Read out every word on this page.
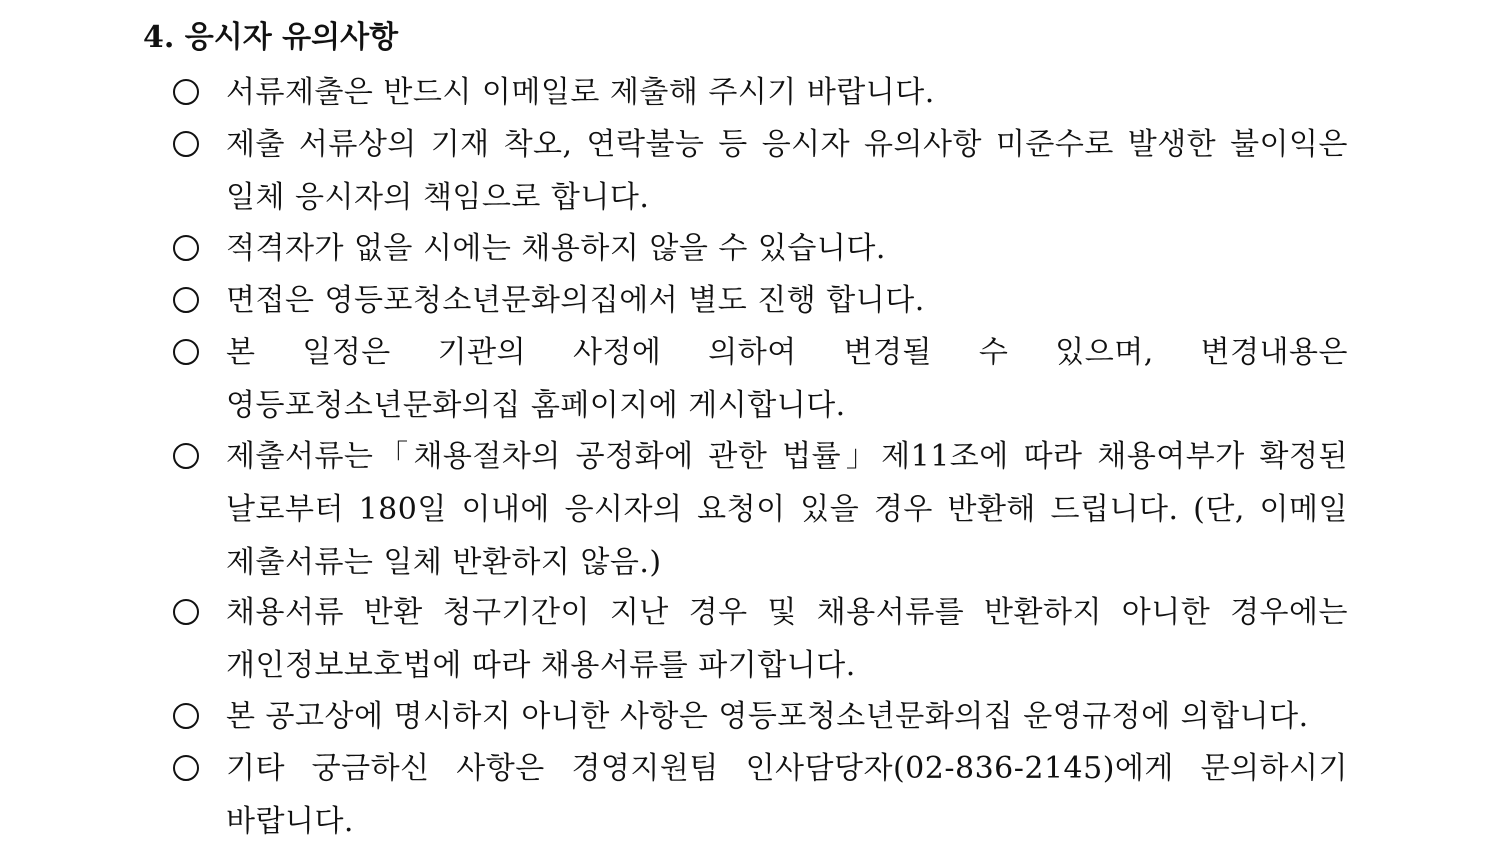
4. 응시자 유의사항
서류제출은 반드시 이메일로 제출해 주시기 바랍니다.
제출 서류상의 기재 착오, 연락불능 등 응시자 유의사항 미준수로 발생한 불이익은 일체 응시자의 책임으로 합니다.
적격자가 없을 시에는 채용하지 않을 수 있습니다.
면접은 영등포청소년문화의집에서 별도 진행 합니다.
본 일정은 기관의 사정에 의하여 변경될 수 있으며, 변경내용은 영등포청소년문화의집 홈페이지에 게시합니다.
제출서류는「채용절차의 공정화에 관한 법률」제11조에 따라 채용여부가 확정된 날로부터 180일 이내에 응시자의 요청이 있을 경우 반환해 드립니다. (단, 이메일 제출서류는 일체 반환하지 않음.)
채용서류 반환 청구기간이 지난 경우 및 채용서류를 반환하지 아니한 경우에는 개인정보보호법에 따라 채용서류를 파기합니다.
본 공고상에 명시하지 아니한 사항은 영등포청소년문화의집 운영규정에 의합니다.
기타 궁금하신 사항은 경영지원팀 인사담당자(02-836-2145)에게 문의하시기 바랍니다.
